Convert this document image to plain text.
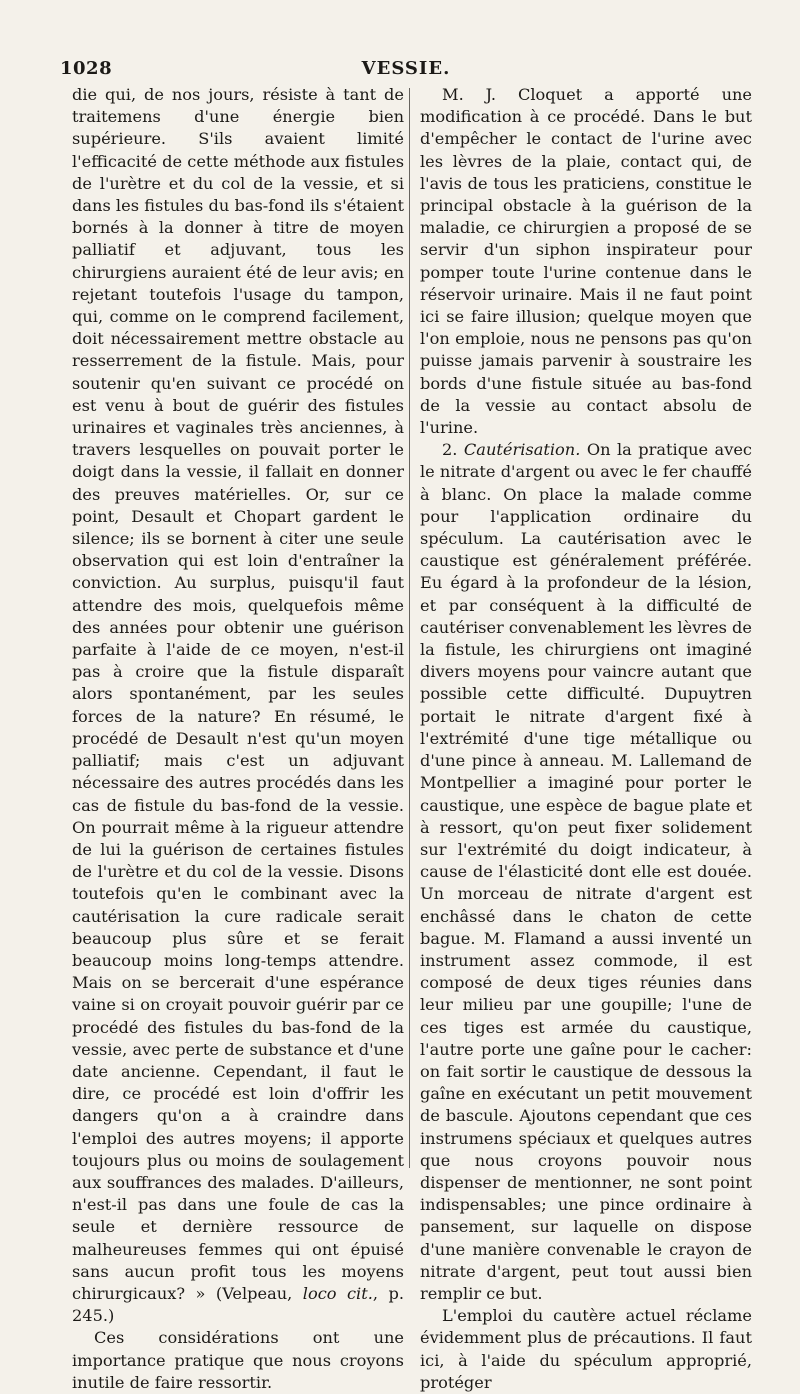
1028	VESSIE.

die qui, de nos jours, résiste à tant de traitemens d'une énergie bien supérieure. S'ils avaient limité l'efficacité de cette méthode aux fistules de l'urètre et du col de la vessie, et si dans les fistules du bas-fond ils s'étaient bornés à la donner à titre de moyen palliatif et adjuvant, tous les chirurgiens auraient été de leur avis; en rejetant toutefois l'usage du tampon, qui, comme on le comprend facilement, doit nécessairement mettre obstacle au resserrement de la fistule. Mais, pour soutenir qu'en suivant ce procédé on est venu à bout de guérir des fistules urinaires et vaginales très anciennes, à travers lesquelles on pouvait porter le doigt dans la vessie, il fallait en donner des preuves matérielles. Or, sur ce point, Desault et Chopart gardent le silence; ils se bornent à citer une seule observation qui est loin d'entraîner la conviction. Au surplus, puisqu'il faut attendre des mois, quelquefois même des années pour obtenir une guérison parfaite à l'aide de ce moyen, n'est-il pas à croire que la fistule disparaît alors spontanément, par les seules forces de la nature? En résumé, le procédé de Desault n'est qu'un moyen palliatif; mais c'est un adjuvant nécessaire des autres procédés dans les cas de fistule du bas-fond de la vessie. On pourrait même à la rigueur attendre de lui la guérison de certaines fistules de l'urètre et du col de la vessie. Disons toutefois qu'en le combinant avec la cautérisation la cure radicale serait beaucoup plus sûre et se ferait beaucoup moins long-temps attendre. Mais on se bercerait d'une espérance vaine si on croyait pouvoir guérir par ce procédé des fistules du bas-fond de la vessie, avec perte de substance et d'une date ancienne. Cependant, il faut le dire, ce procédé est loin d'offrir les dangers qu'on a à craindre dans l'emploi des autres moyens; il apporte toujours plus ou moins de soulagement aux souffrances des malades. D'ailleurs, n'est-il pas dans une foule de cas la seule et dernière ressource de malheureuses femmes qui ont épuisé sans aucun profit tous les moyens chirurgicaux? » (Velpeau, loco cit., p. 245.)

Ces considérations ont une importance pratique que nous croyons inutile de faire ressortir.

M. J. Cloquet a apporté une modification à ce procédé. Dans le but d'empêcher le contact de l'urine avec les lèvres de la plaie, contact qui, de l'avis de tous les praticiens, constitue le principal obstacle à la guérison de la maladie, ce chirurgien a proposé de se servir d'un siphon inspirateur pour pomper toute l'urine contenue dans le réservoir urinaire. Mais il ne faut point ici se faire illusion; quelque moyen que l'on emploie, nous ne pensons pas qu'on puisse jamais parvenir à soustraire les bords d'une fistule située au bas-fond de la vessie au contact absolu de l'urine.

2. Cautérisation. On la pratique avec le nitrate d'argent ou avec le fer chauffé à blanc. On place la malade comme pour l'application ordinaire du spéculum. La cautérisation avec le caustique est généralement préférée. Eu égard à la profondeur de la lésion, et par conséquent à la difficulté de cautériser convenablement les lèvres de la fistule, les chirurgiens ont imaginé divers moyens pour vaincre autant que possible cette difficulté. Dupuytren portait le nitrate d'argent fixé à l'extrémité d'une tige métallique ou d'une pince à anneau. M. Lallemand de Montpellier a imaginé pour porter le caustique, une espèce de bague plate et à ressort, qu'on peut fixer solidement sur l'extrémité du doigt indicateur, à cause de l'élasticité dont elle est douée. Un morceau de nitrate d'argent est enchâssé dans le chaton de cette bague. M. Flamand a aussi inventé un instrument assez commode, il est composé de deux tiges réunies dans leur milieu par une goupille; l'une de ces tiges est armée du caustique, l'autre porte une gaîne pour le cacher: on fait sortir le caustique de dessous la gaîne en exécutant un petit mouvement de bascule. Ajoutons cependant que ces instrumens spéciaux et quelques autres que nous croyons pouvoir nous dispenser de mentionner, ne sont point indispensables; une pince ordinaire à pansement, sur laquelle on dispose d'une manière convenable le crayon de nitrate d'argent, peut tout aussi bien remplir ce but.

L'emploi du cautère actuel réclame évidemment plus de précautions. Il faut ici, à l'aide du spéculum approprié, protéger
